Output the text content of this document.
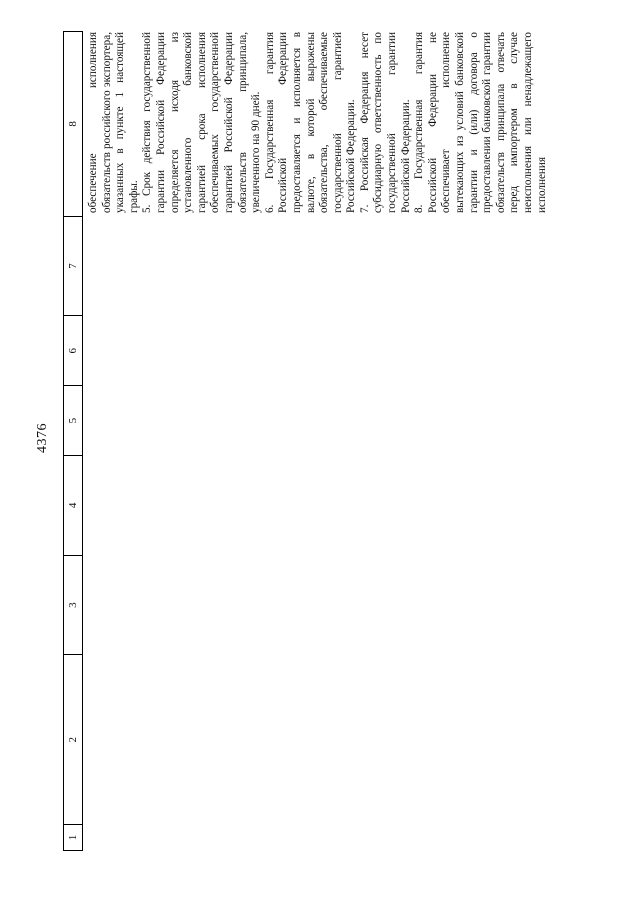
4376
1
2
3
4
5
6
7
8 обеспечение исполнения обязательств российского экспортера, указанных в пункте 1 настоящей графы. 5. Срок действия государственной гарантии Российской Федерации определяется исходя из установленного банковской гарантией срока исполнения обеспечиваемых государственной гарантией Российской Федерации обязательств принципала, увеличенного на 90 дней. 6. Государственная гарантия Российской Федерации предоставляется и исполняется в валюте, в которой выражены обязательства, обеспечиваемые государственной гарантией Российской Федерации. 7. Российская Федерация несет субсидиарную ответственность по государственной гарантии Российской Федерации. 8. Государственная гарантия Российской Федерации не обеспечивает исполнение вытекающих из условий банковской гарантии и (или) договора о предоставлении банковской гарантии обязательств принципала отвечать перед импортером в случае неисполнения или ненадлежащего исполнения
